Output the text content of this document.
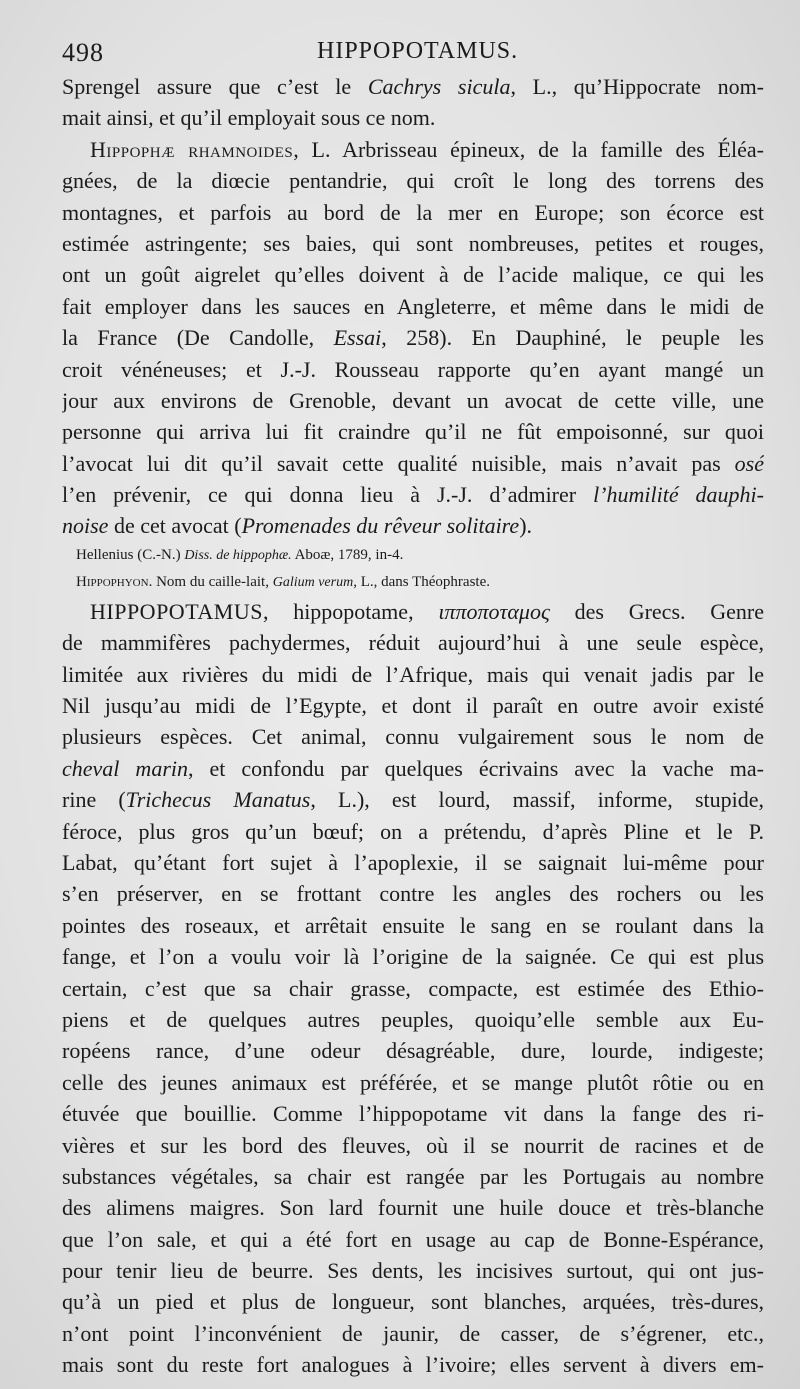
498	HIPPOPOTAMUS.
Sprengel assure que c’est le Cachrys sicula, L., qu’Hippocrate nom-
mait ainsi, et qu’il employait sous ce nom.
Hippophæ rhamnoides, L. Arbrisseau épineux, de la famille des Éléa-
gnées, de la diœcie pentandrie, qui croît le long des torrens des
montagnes, et parfois au bord de la mer en Europe; son écorce est
estimée astringente; ses baies, qui sont nombreuses, petites et rouges,
ont un goût aigrelet qu’elles doivent à de l’acide malique, ce qui les
fait employer dans les sauces en Angleterre, et même dans le midi de
la France (De Candolle, Essai, 258). En Dauphiné, le peuple les
croit vénéneuses; et J.-J. Rousseau rapporte qu’en ayant mangé un
jour aux environs de Grenoble, devant un avocat de cette ville, une
personne qui arriva lui fit craindre qu’il ne fût empoisonné, sur quoi
l’avocat lui dit qu’il savait cette qualité nuisible, mais n’avait pas osé
l’en prévenir, ce qui donna lieu à J.-J. d’admirer l’humilité dauphi-
noise de cet avocat (Promenades du rêveur solitaire).
Hellenius (C.-N.) Diss. de hippophæ. Aboæ, 1789, in-4.
Hippophyon. Nom du caille-lait, Galium verum, L., dans Théophraste.
HIPPOPOTAMUS, hippopotame, ιπποποταμος des Grecs. Genre
de mammifères pachydermes, réduit aujourd’hui à une seule espèce,
limitée aux rivières du midi de l’Afrique, mais qui venait jadis par le
Nil jusqu’au midi de l’Egypte, et dont il paraît en outre avoir existé
plusieurs espèces. Cet animal, connu vulgairement sous le nom de
cheval marin, et confondu par quelques écrivains avec la vache ma-
rine (Trichecus Manatus, L.), est lourd, massif, informe, stupide,
féroce, plus gros qu’un bœuf; on a prétendu, d’après Pline et le P.
Labat, qu’étant fort sujet à l’apoplexie, il se saignait lui-même pour
s’en préserver, en se frottant contre les angles des rochers ou les
pointes des roseaux, et arrêtait ensuite le sang en se roulant dans la
fange, et l’on a voulu voir là l’origine de la saignée. Ce qui est plus
certain, c’est que sa chair grasse, compacte, est estimée des Ethio-
piens et de quelques autres peuples, quoiqu’elle semble aux Eu-
ropéens rance, d’une odeur désagréable, dure, lourde, indigeste;
celle des jeunes animaux est préférée, et se mange plutôt rôtie ou en
étuvée que bouillie. Comme l’hippopotame vit dans la fange des ri-
vières et sur les bord des fleuves, où il se nourrit de racines et de
substances végétales, sa chair est rangée par les Portugais au nombre
des alimens maigres. Son lard fournit une huile douce et très-blanche
que l’on sale, et qui a été fort en usage au cap de Bonne-Espérance,
pour tenir lieu de beurre. Ses dents, les incisives surtout, qui ont jus-
qu’à un pied et plus de longueur, sont blanches, arquées, très-dures,
n’ont point l’inconvénient de jaunir, de casser, de s’égrener, etc.,
mais sont du reste fort analogues à l’ivoire; elles servent à divers em-
